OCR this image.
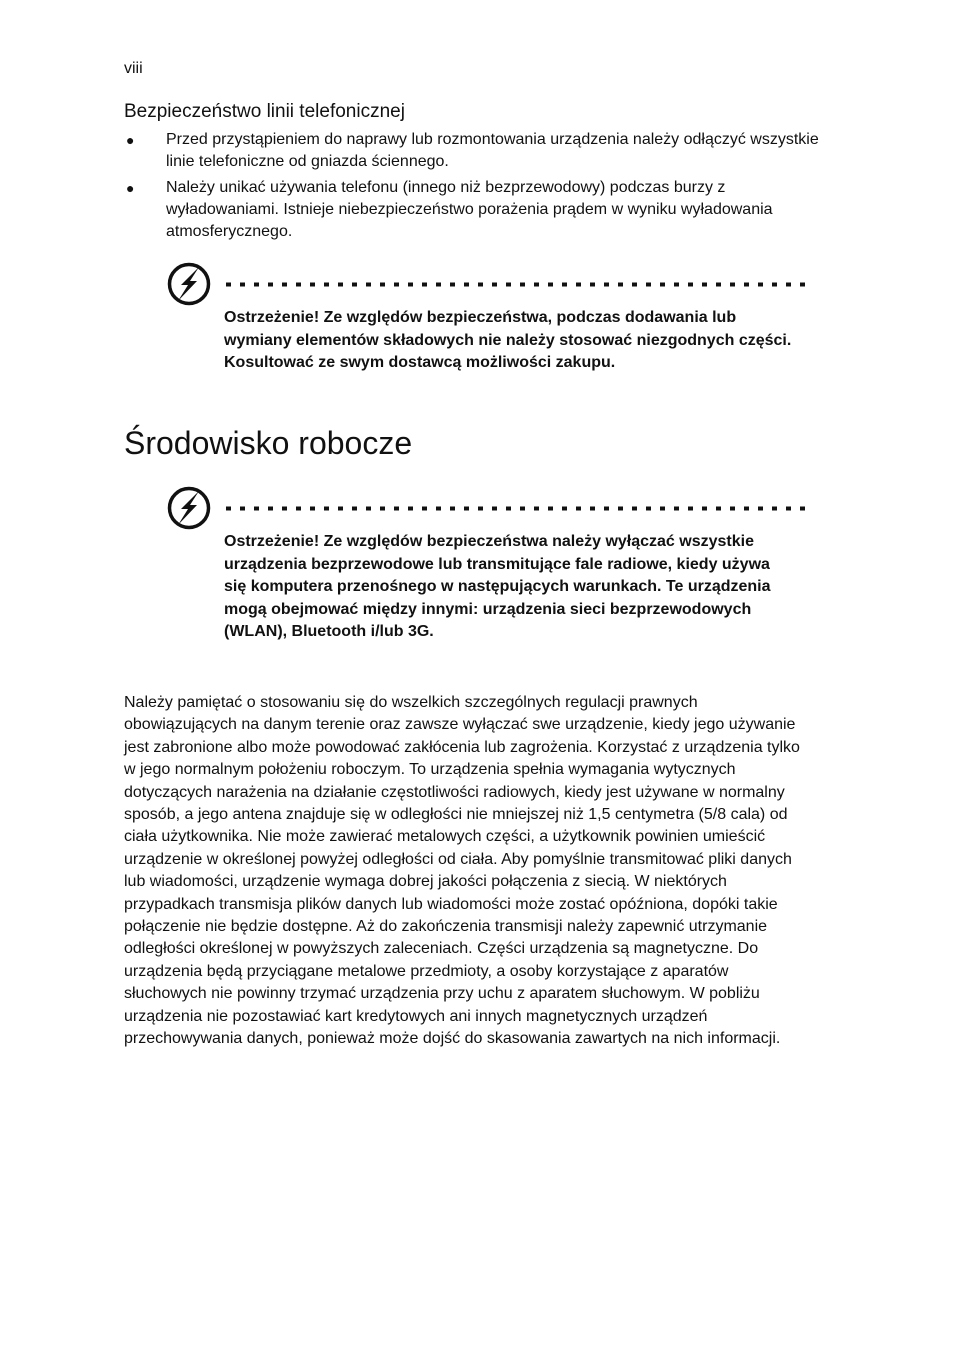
viii
Bezpieczeństwo linii telefonicznej
● Przed przystąpieniem do naprawy lub rozmontowania urządzenia należy odłączyć wszystkie linie telefoniczne od gniazda ściennego.
● Należy unikać używania telefonu (innego niż bezprzewodowy) podczas burzy z wyładowaniami. Istnieje niebezpieczeństwo porażenia prądem w wyniku wyładowania atmosferycznego.

Ostrzeżenie! Ze względów bezpieczeństwa, podczas dodawania lub wymiany elementów składowych nie należy stosować niezgodnych części. Kosultować ze swym dostawcą możliwości zakupu.

Środowisko robocze

Ostrzeżenie! Ze względów bezpieczeństwa należy wyłączać wszystkie urządzenia bezprzewodowe lub transmitujące fale radiowe, kiedy używa się komputera przenośnego w następujących warunkach. Te urządzenia mogą obejmować między innymi: urządzenia sieci bezprzewodowych (WLAN), Bluetooth i/lub 3G.

Należy pamiętać o stosowaniu się do wszelkich szczególnych regulacji prawnych obowiązujących na danym terenie oraz zawsze wyłączać swe urządzenie, kiedy jego używanie jest zabronione albo może powodować zakłócenia lub zagrożenia. Korzystać z urządzenia tylko w jego normalnym położeniu roboczym. To urządzenia spełnia wymagania wytycznych dotyczących narażenia na działanie częstotliwości radiowych, kiedy jest używane w normalny sposób, a jego antena znajduje się w odległości nie mniejszej niż 1,5 centymetra (5/8 cala) od ciała użytkownika. Nie może zawierać metalowych części, a użytkownik powinien umieścić urządzenie w określonej powyżej odległości od ciała. Aby pomyślnie transmitować pliki danych lub wiadomości, urządzenie wymaga dobrej jakości połączenia z siecią. W niektórych przypadkach transmisja plików danych lub wiadomości może zostać opóźniona, dopóki takie połączenie nie będzie dostępne. Aż do zakończenia transmisji należy zapewnić utrzymanie odległości określonej w powyższych zaleceniach. Części urządzenia są magnetyczne. Do urządzenia będą przyciągane metalowe przedmioty, a osoby korzystające z aparatów słuchowych nie powinny trzymać urządzenia przy uchu z aparatem słuchowym. W pobliżu urządzenia nie pozostawiać kart kredytowych ani innych magnetycznych urządzeń przechowywania danych, ponieważ może dojść do skasowania zawartych na nich informacji.
